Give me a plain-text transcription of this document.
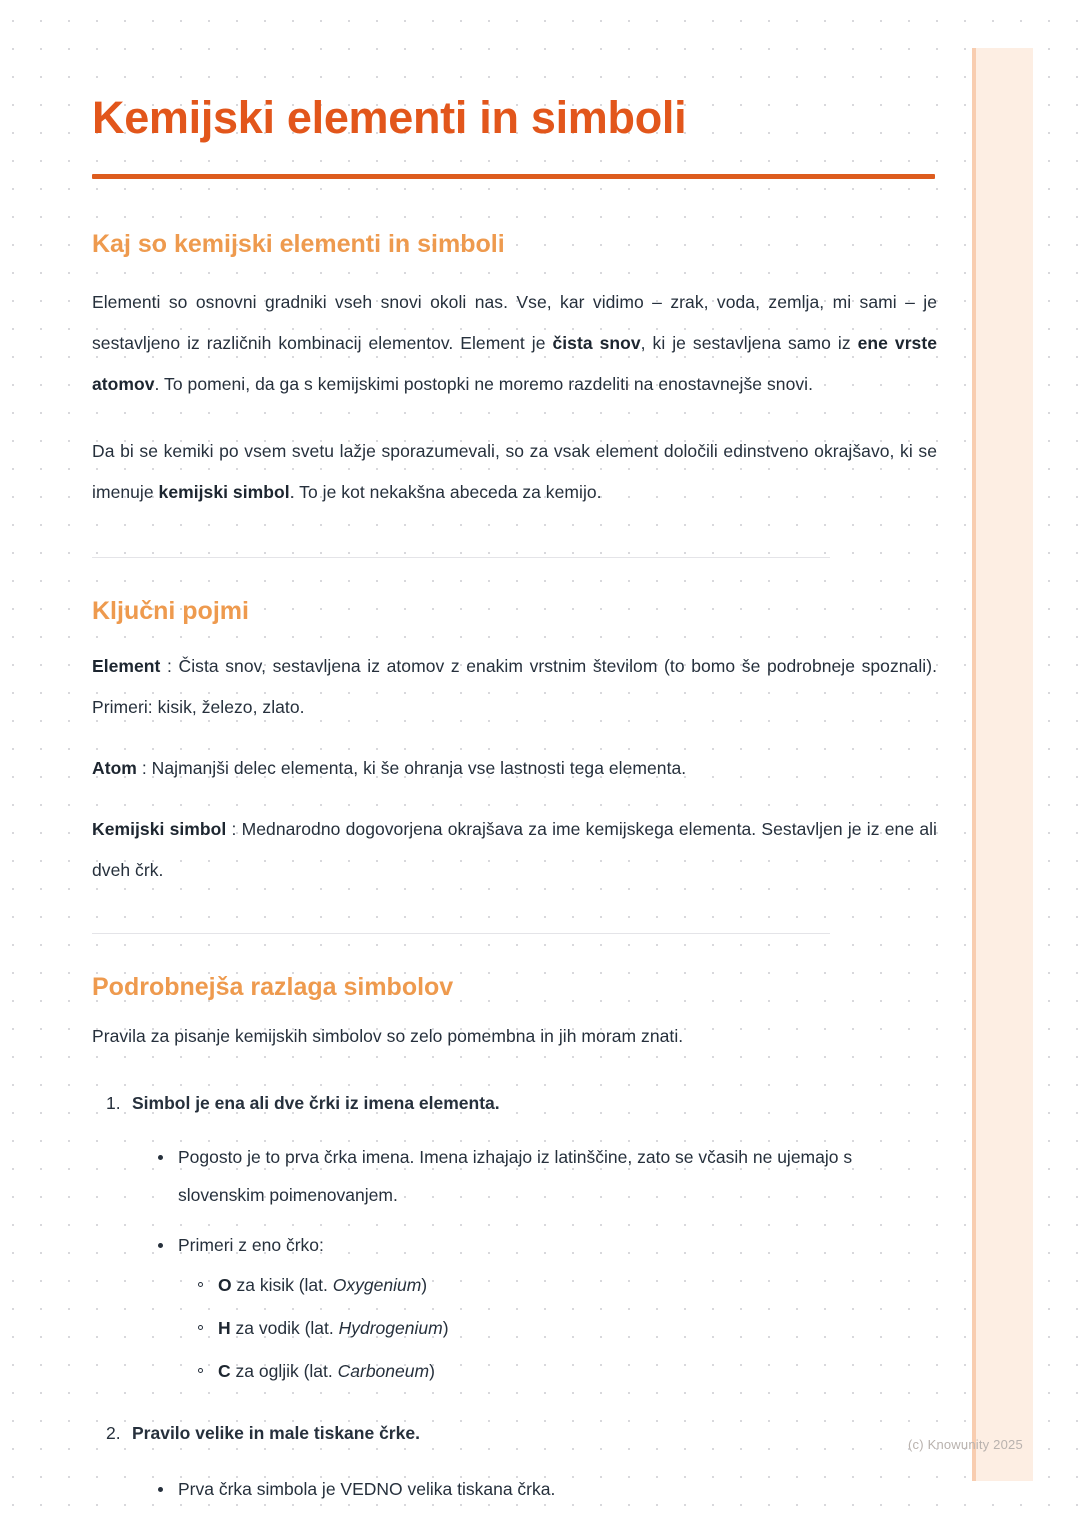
Kemijski elementi in simboli
Kaj so kemijski elementi in simboli

Elementi so osnovni gradniki vseh snovi okoli nas. Vse, kar vidimo – zrak, voda, zemlja, mi sami – je sestavljeno iz različnih kombinacij elementov. Element je čista snov, ki je sestavljena samo iz ene vrste atomov. To pomeni, da ga s kemijskimi postopki ne moremo razdeliti na enostavnejše snovi.

Da bi se kemiki po vsem svetu lažje sporazumevali, so za vsak element določili edinstveno okrajšavo, ki se imenuje kemijski simbol. To je kot nekakšna abeceda za kemijo.

Ključni pojmi

Element : Čista snov, sestavljena iz atomov z enakim vrstnim številom (to bomo še podrobneje spoznali). Primeri: kisik, železo, zlato.

Atom : Najmanjši delec elementa, ki še ohranja vse lastnosti tega elementa.

Kemijski simbol : Mednarodno dogovorjena okrajšava za ime kemijskega elementa. Sestavljen je iz ene ali dveh črk.

Podrobnejša razlaga simbolov

Pravila za pisanje kemijskih simbolov so zelo pomembna in jih moram znati.

Simbol je ena ali dve črki iz imena elementa.
Pogosto je to prva črka imena. Imena izhajajo iz latinščine, zato se včasih ne ujemajo s slovenskim poimenovanjem.
Primeri z eno črko:
O za kisik (lat. Oxygenium)
H za vodik (lat. Hydrogenium)
C za ogljik (lat. Carboneum)
Pravilo velike in male tiskane črke.
Prva črka simbola je VEDNO velika tiskana črka.
(c) Knowunity 2025
